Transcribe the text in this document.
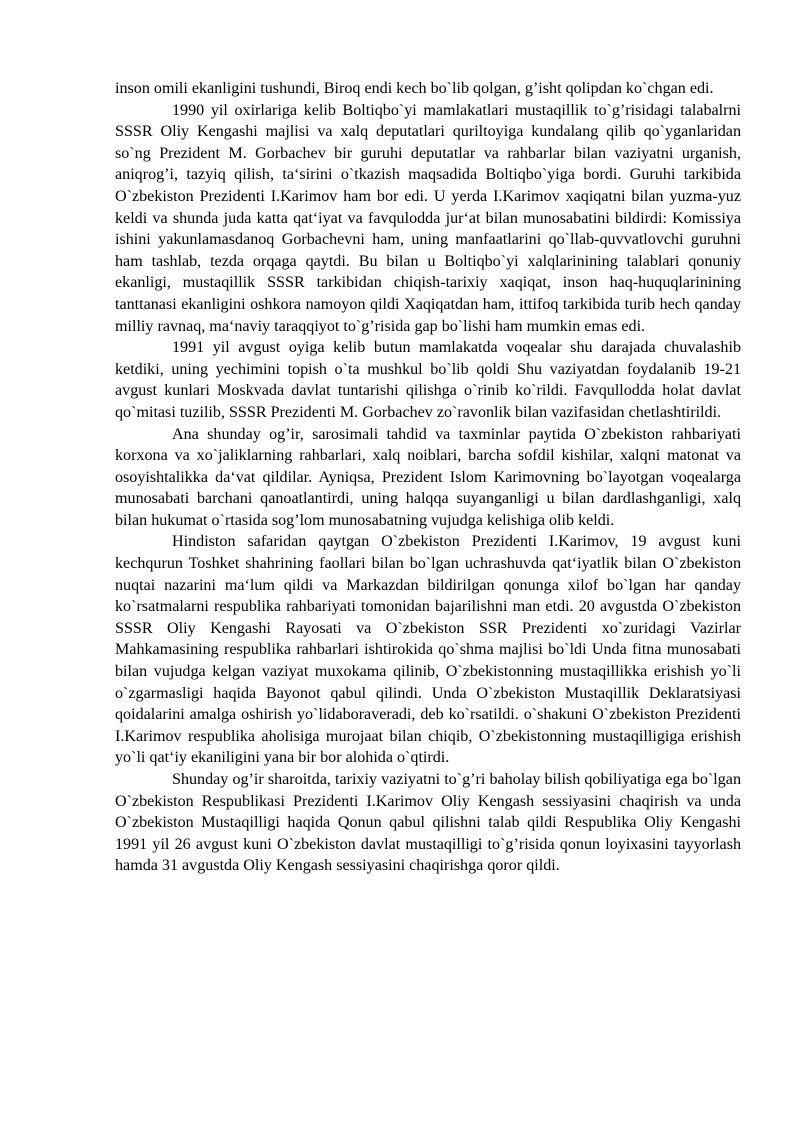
inson omili ekanligini tushundi, Biroq endi kech bo`lib qolgan, g’isht qolipdan ko`chgan edi.

1990 yil oxirlariga kelib Boltiqbo`yi mamlakatlari mustaqillik to`g’risidagi talabalrni SSSR Oliy Kengashi majlisi va xalq deputatlari quriltoyiga kundalang qilib qo`yganlaridan so`ng Prezident M. Gorbachev bir guruhi deputatlar va rahbarlar bilan vaziyatni urganish, aniqrog’i, tazyiq qilish, ta‘sirini o`tkazish maqsadida Boltiqbo`yiga bordi. Guruhi tarkibida O`zbekiston Prezidenti I.Karimov ham bor edi. U yerda I.Karimov xaqiqatni bilan yuzma-yuz keldi va shunda juda katta qat‘iyat va favqulodda jur‘at bilan munosabatini bildirdi: Komissiya ishini yakunlamasdanoq Gorbachevni ham, uning manfaatlarini qo`llab-quvvatlovchi guruhni ham tashlab, tezda orqaga qaytdi. Bu bilan u Boltiqbo`yi xalqlarinining talablari qonuniy ekanligi, mustaqillik SSSR tarkibidan chiqish-tarixiy xaqiqat, inson haq-huquqlarinining tanttanasi ekanligini oshkora namoyon qildi Xaqiqatdan ham, ittifoq tarkibida turib hech qanday milliy ravnaq, ma‘naviy taraqqiyot to`g’risida gap bo`lishi ham mumkin emas edi.

1991 yil avgust oyiga kelib butun mamlakatda voqealar shu darajada chuvalashib ketdiki, uning yechimini topish o`ta mushkul bo`lib qoldi Shu vaziyatdan foydalanib 19-21 avgust kunlari Moskvada davlat tuntarishi qilishga o`rinib ko`rildi. Favqullodda holat davlat qo`mitasi tuzilib, SSSR Prezidenti M. Gorbachev zo`ravonlik bilan vazifasidan chetlashtirildi.

Ana shunday og’ir, sarosimali tahdid va taxminlar paytida O`zbekiston rahbariyati korxona va xo`jaliklarning rahbarlari, xalq noiblari, barcha sofdil kishilar, xalqni matonat va osoyishtalikka da‘vat qildilar. Ayniqsa, Prezident Islom Karimovning bo`layotgan voqealarga munosabati barchani qanoatlantirdi, uning halqqa suyanganligi u bilan dardlashganligi, xalq bilan hukumat o`rtasida sog’lom munosabatning vujudga kelishiga olib keldi.

Hindiston safaridan qaytgan O`zbekiston Prezidenti I.Karimov, 19 avgust kuni kechqurun Toshket shahrining faollari bilan bo`lgan uchrashuvda qat‘iyatlik bilan O`zbekiston nuqtai nazarini ma‘lum qildi va Markazdan bildirilgan qonunga xilof bo`lgan har qanday ko`rsatmalarni respublika rahbariyati tomonidan bajarilishni man etdi. 20 avgustda O`zbekiston SSSR Oliy Kengashi Rayosati va O`zbekiston SSR Prezidenti xo`zuridagi Vazirlar Mahkamasining respublika rahbarlari ishtirokida qo`shma majlisi bo`ldi Unda fitna munosabati bilan vujudga kelgan vaziyat muxokama qilinib, O`zbekistonning mustaqillikka erishish yo`li o`zgarmasligi haqida Bayonot qabul qilindi. Unda O`zbekiston Mustaqillik Deklaratsiyasi qoidalarini amalga oshirish yo`lidaboraveradi, deb ko`rsatildi. o`shakuni O`zbekiston Prezidenti I.Karimov respublika aholisiga murojaat bilan chiqib, O`zbekistonning mustaqilligiga erishish yo`li qat‘iy ekaniligini yana bir bor alohida o`qtirdi.

Shunday og’ir sharoitda, tarixiy vaziyatni to`g’ri baholay bilish qobiliyatiga ega bo`lgan O`zbekiston Respublikasi Prezidenti I.Karimov Oliy Kengash sessiyasini chaqirish va unda O`zbekiston Mustaqilligi haqida Qonun qabul qilishni talab qildi Respublika Oliy Kengashi 1991 yil 26 avgust kuni O`zbekiston davlat mustaqilligi to`g’risida qonun loyixasini tayyorlash hamda 31 avgustda Oliy Kengash sessiyasini chaqirishga qoror qildi.
